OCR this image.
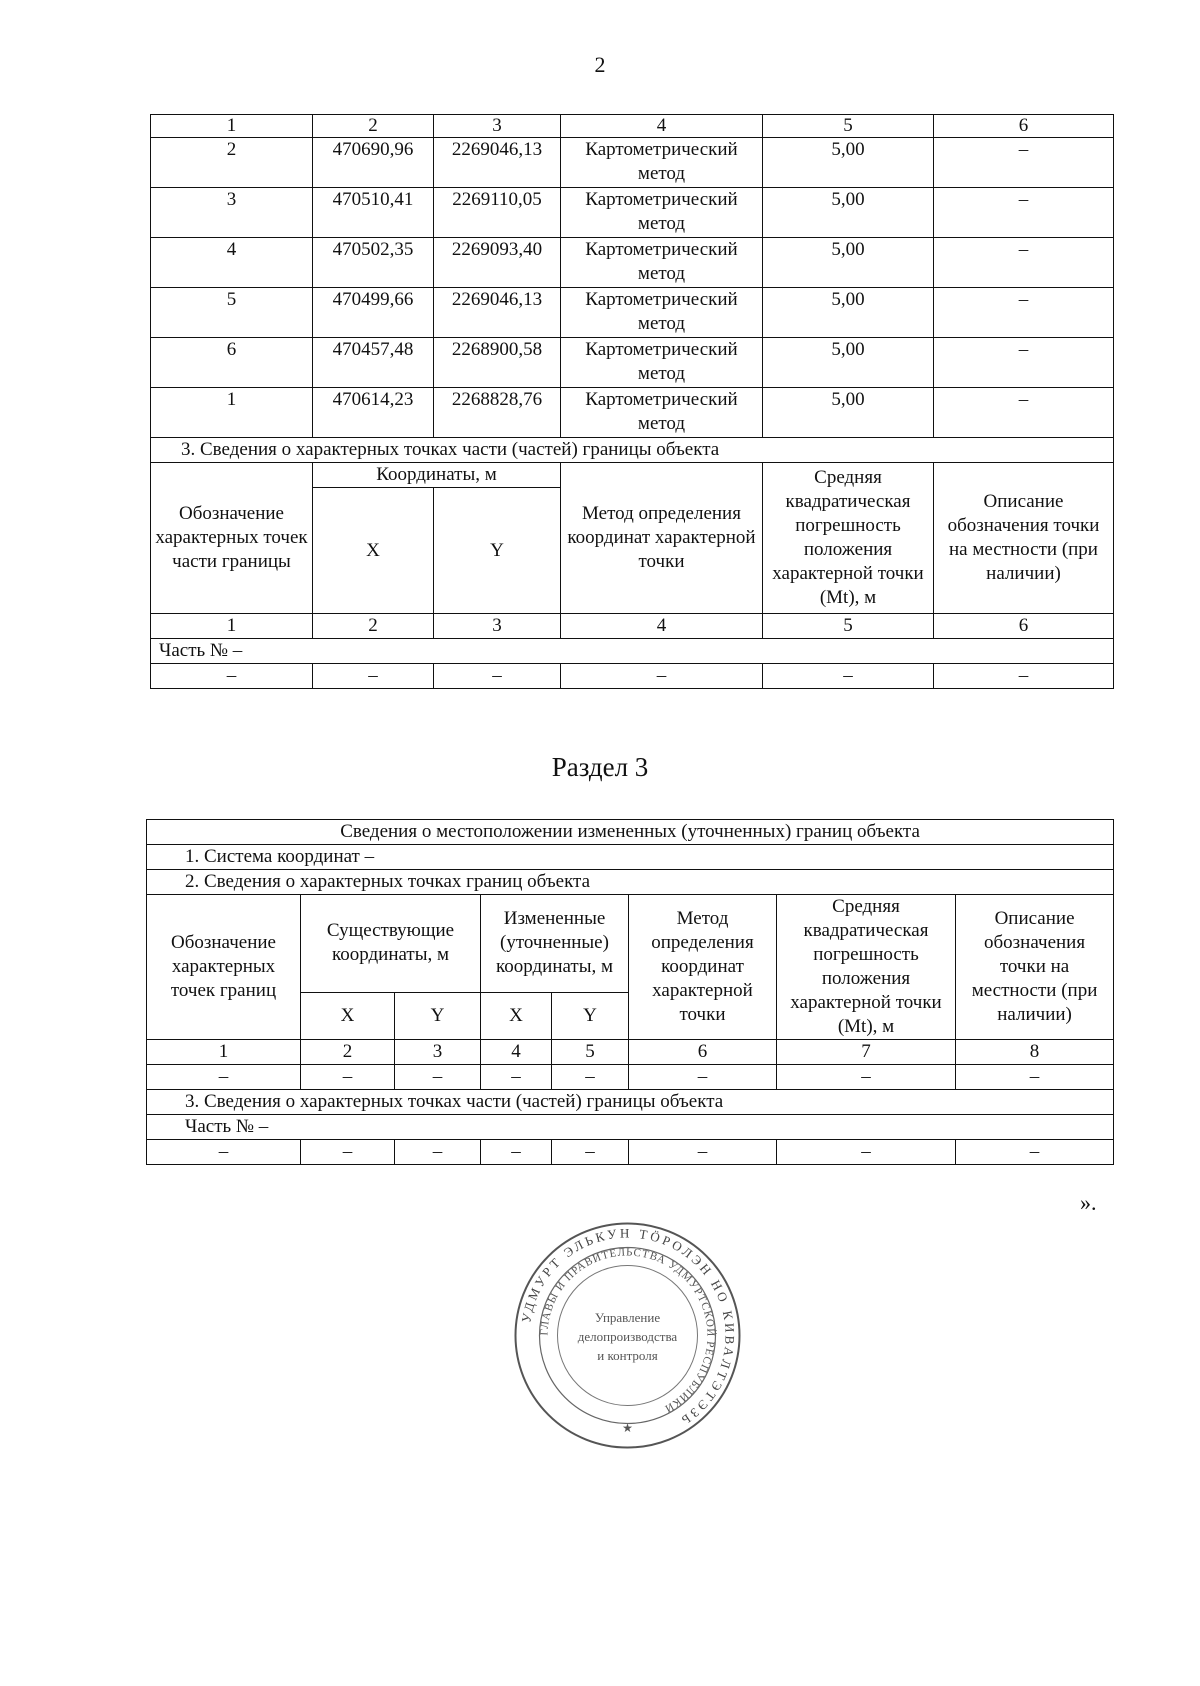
2
1	2	3	4	5	6
2	470690,96	2269046,13	Картометрический метод	5,00	–
3	470510,41	2269110,05	Картометрический метод	5,00	–
4	470502,35	2269093,40	Картометрический метод	5,00	–
5	470499,66	2269046,13	Картометрический метод	5,00	–
6	470457,48	2268900,58	Картометрический метод	5,00	–
1	470614,23	2268828,76	Картометрический метод	5,00	–
3. Сведения о характерных точках части (частей) границы объекта					
Обозначение характерных точек части границы	Координаты, м		Метод определения координат характерной точки	Средняя квадратическая погрешность положения характерной точки (Mt), м	Описание обозначения точки на местности (при наличии)
	X	Y			
1	2	3	4	5	6
Часть № –					
–	–	–	–	–	–
Раздел 3
Сведения о местоположении измененных (уточненных) границ объекта							
1. Система координат –							
2. Сведения о характерных точках границ объекта							
Обозначение характерных точек границ	Существующие координаты, м		Измененные (уточненные) координаты, м		Метод определения координат характерной точки	Средняя квадратическая погрешность положения характерной точки (Mt), м	Описание обозначения точки на местности (при наличии)
	X	Y	X	Y			
1	2	3	4	5	6	7	8
–	–	–	–	–	–	–	–
3. Сведения о характерных точках части (частей) границы объекта							
Часть № –							
–	–	–	–	–	–	–	–
».
УДМУРТ ЭЛЬКУН ТÖРОЛЭН НО КИВАЛТЭТЭЗЬ
ГЛАВЫ И ПРАВИТЕЛЬСТВА УДМУРТСКОЙ РЕСПУБЛИКИ
Управление
делопроизводства
и контроля
★
